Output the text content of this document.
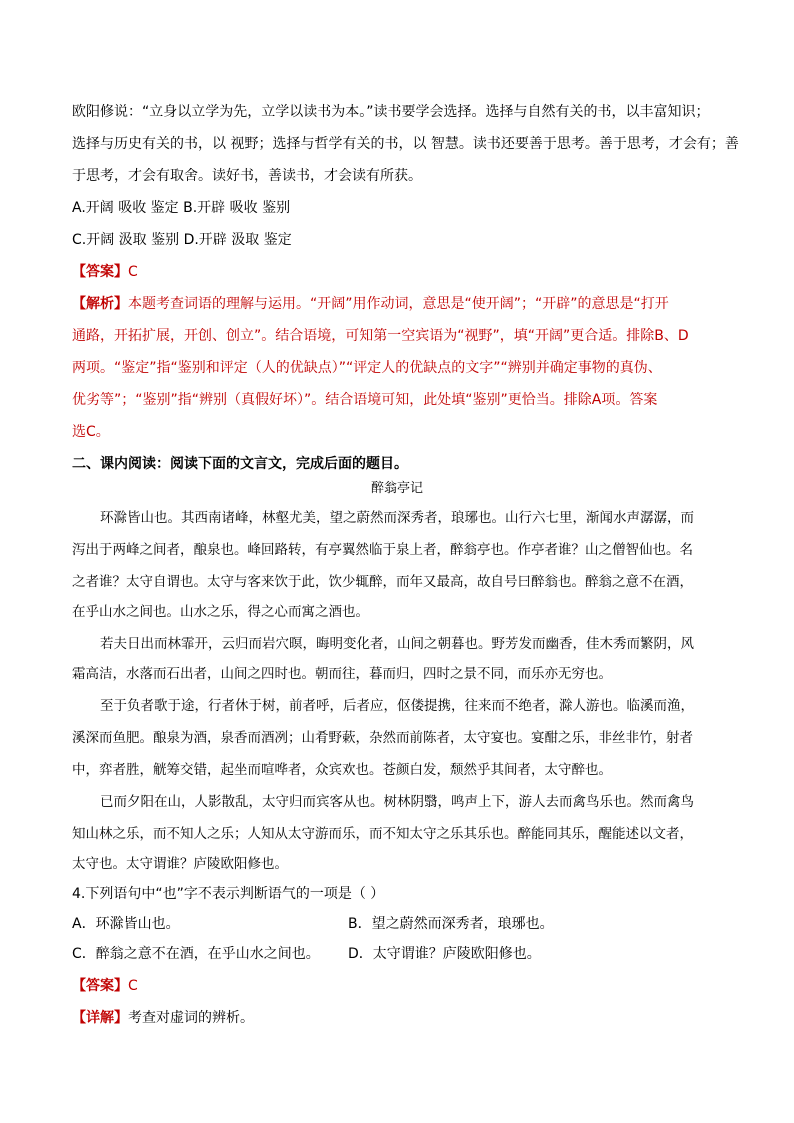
欧阳修说：“立身以立学为先，立学以读书为本。”读书要学会选择。选择与自然有关的书，以丰富知识；
选择与历史有关的书，以 视野；选择与哲学有关的书，以 智慧。读书还要善于思考。善于思考，才会有；善
于思考，才会有取舍。读好书，善读书，才会读有所获。
A.开阔 吸收 鉴定 B.开辟 吸收 鉴别
C.开阔 汲取 鉴别 D.开辟 汲取 鉴定
【答案】C
【解析】本题考查词语的理解与运用。“开阔”用作动词，意思是“使开阔”；“开辟”的意思是“打开
通路，开拓扩展，开创、创立”。结合语境，可知第一空宾语为“视野”，填“开阔”更合适。排除B、D
两项。“鉴定”指“鉴别和评定（人的优缺点）”“评定人的优缺点的文字”“辨别并确定事物的真伪、
优劣等”；“鉴别”指“辨别（真假好坏）”。结合语境可知，此处填“鉴别”更恰当。排除A项。答案
选C。
二、课内阅读：阅读下面的文言文，完成后面的题目。
醉翁亭记
环滁皆山也。其西南诸峰，林壑尤美，望之蔚然而深秀者，琅琊也。山行六七里，渐闻水声潺潺，而
泻出于两峰之间者，酿泉也。峰回路转，有亭翼然临于泉上者，醉翁亭也。作亭者谁？山之僧智仙也。名
之者谁？太守自谓也。太守与客来饮于此，饮少辄醉，而年又最高，故自号曰醉翁也。醉翁之意不在酒，
在乎山水之间也。山水之乐，得之心而寓之酒也。
若夫日出而林霏开，云归而岩穴暝，晦明变化者，山间之朝暮也。野芳发而幽香，佳木秀而繁阴，风
霜高洁，水落而石出者，山间之四时也。朝而往，暮而归，四时之景不同，而乐亦无穷也。
至于负者歌于途，行者休于树，前者呼，后者应，伛偻提携，往来而不绝者，滁人游也。临溪而渔，
溪深而鱼肥。酿泉为酒，泉香而酒冽；山肴野蔌，杂然而前陈者，太守宴也。宴酣之乐，非丝非竹，射者
中，弈者胜，觥筹交错，起坐而喧哗者，众宾欢也。苍颜白发，颓然乎其间者，太守醉也。
已而夕阳在山，人影散乱，太守归而宾客从也。树林阴翳，鸣声上下，游人去而禽鸟乐也。然而禽鸟
知山林之乐，而不知人之乐；人知从太守游而乐，而不知太守之乐其乐也。醉能同其乐，醒能述以文者，
太守也。太守谓谁？庐陵欧阳修也。
4.下列语句中“也”字不表示判断语气的一项是（ ）
A．环滁皆山也。	B．望之蔚然而深秀者，琅琊也。
C．醉翁之意不在酒，在乎山水之间也。 D．太守谓谁？庐陵欧阳修也。
【答案】C
【详解】考查对虚词的辨析。
